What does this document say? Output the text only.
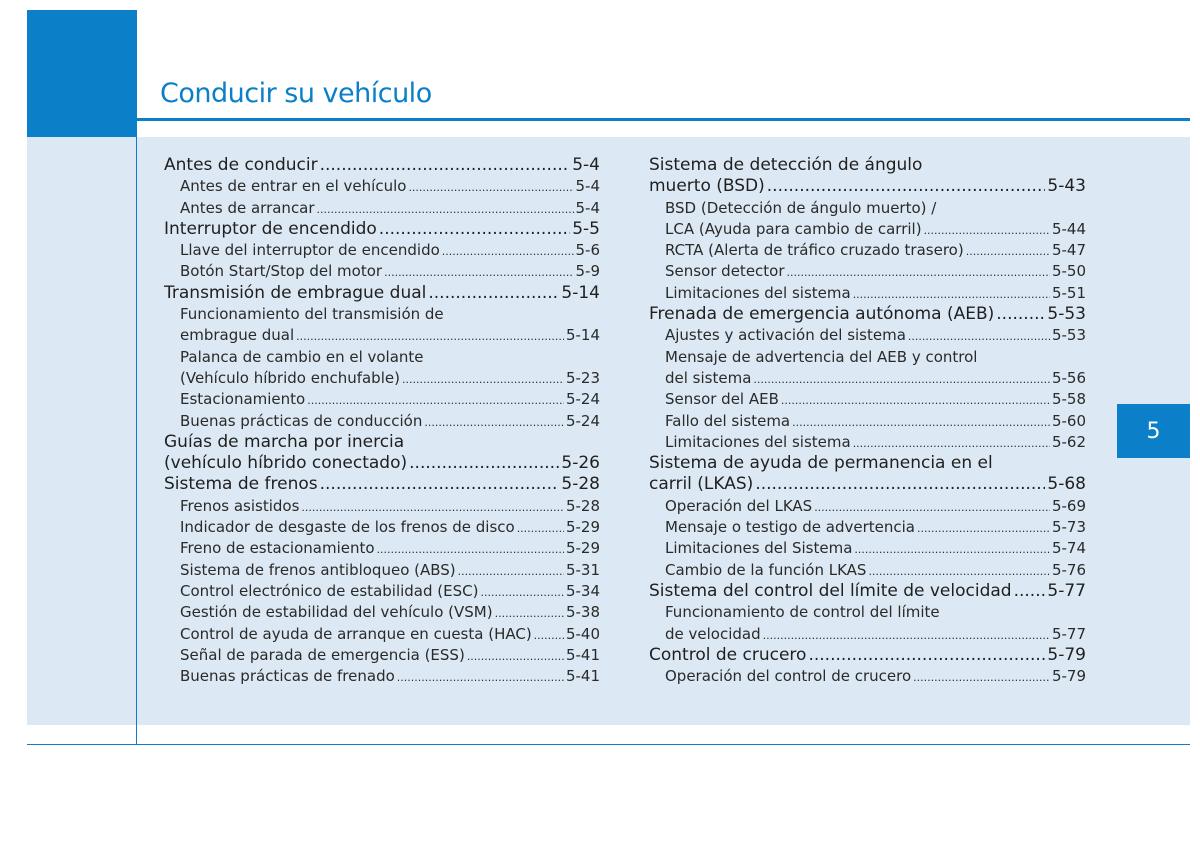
Conducir su vehículo
5
Antes de conducir .....	5-4
Antes de entrar en el vehículo .....	5-4
Antes de arrancar .....	5-4
Interruptor de encendido .....	5-5
Llave del interruptor de encendido .....	5-6
Botón Start/Stop del motor .....	5-9
Transmisión de embrague dual .....	5-14
Funcionamiento del transmisión de
embrague dual .....	5-14
Palanca de cambio en el volante
(Vehículo híbrido enchufable) .....	5-23
Estacionamiento .....	5-24
Buenas prácticas de conducción .....	5-24
Guías de marcha por inercia
(vehículo híbrido conectado) .....	5-26
Sistema de frenos .....	5-28
Frenos asistidos .....	5-28
Indicador de desgaste de los frenos de disco .....	5-29
Freno de estacionamiento .....	5-29
Sistema de frenos antibloqueo (ABS) .....	5-31
Control electrónico de estabilidad (ESC) .....	5-34
Gestión de estabilidad del vehículo (VSM) .....	5-38
Control de ayuda de arranque en cuesta (HAC) ..... 5-40
Señal de parada de emergencia (ESS) .....	5-41
Buenas prácticas de frenado .....	5-41
Sistema de detección de ángulo
muerto (BSD) .....	5-43
BSD (Detección de ángulo muerto) /
LCA (Ayuda para cambio de carril) .....	5-44
RCTA (Alerta de tráfico cruzado trasero) .....	5-47
Sensor detector .....	5-50
Limitaciones del sistema .....	5-51
Frenada de emergencia autónoma (AEB) .....	5-53
Ajustes y activación del sistema .....	5-53
Mensaje de advertencia del AEB y control
del sistema .....	5-56
Sensor del AEB .....	5-58
Fallo del sistema .....	5-60
Limitaciones del sistema .....	5-62
Sistema de ayuda de permanencia en el
carril (LKAS) .....	5-68
Operación del LKAS .....	5-69
Mensaje o testigo de advertencia .....	5-73
Limitaciones del Sistema .....	5-74
Cambio de la función LKAS .....	5-76
Sistema del control del límite de velocidad ..... 5-77
Funcionamiento de control del límite
de velocidad .....	5-77
Control de crucero .....	5-79
Operación del control de crucero .....	5-79
